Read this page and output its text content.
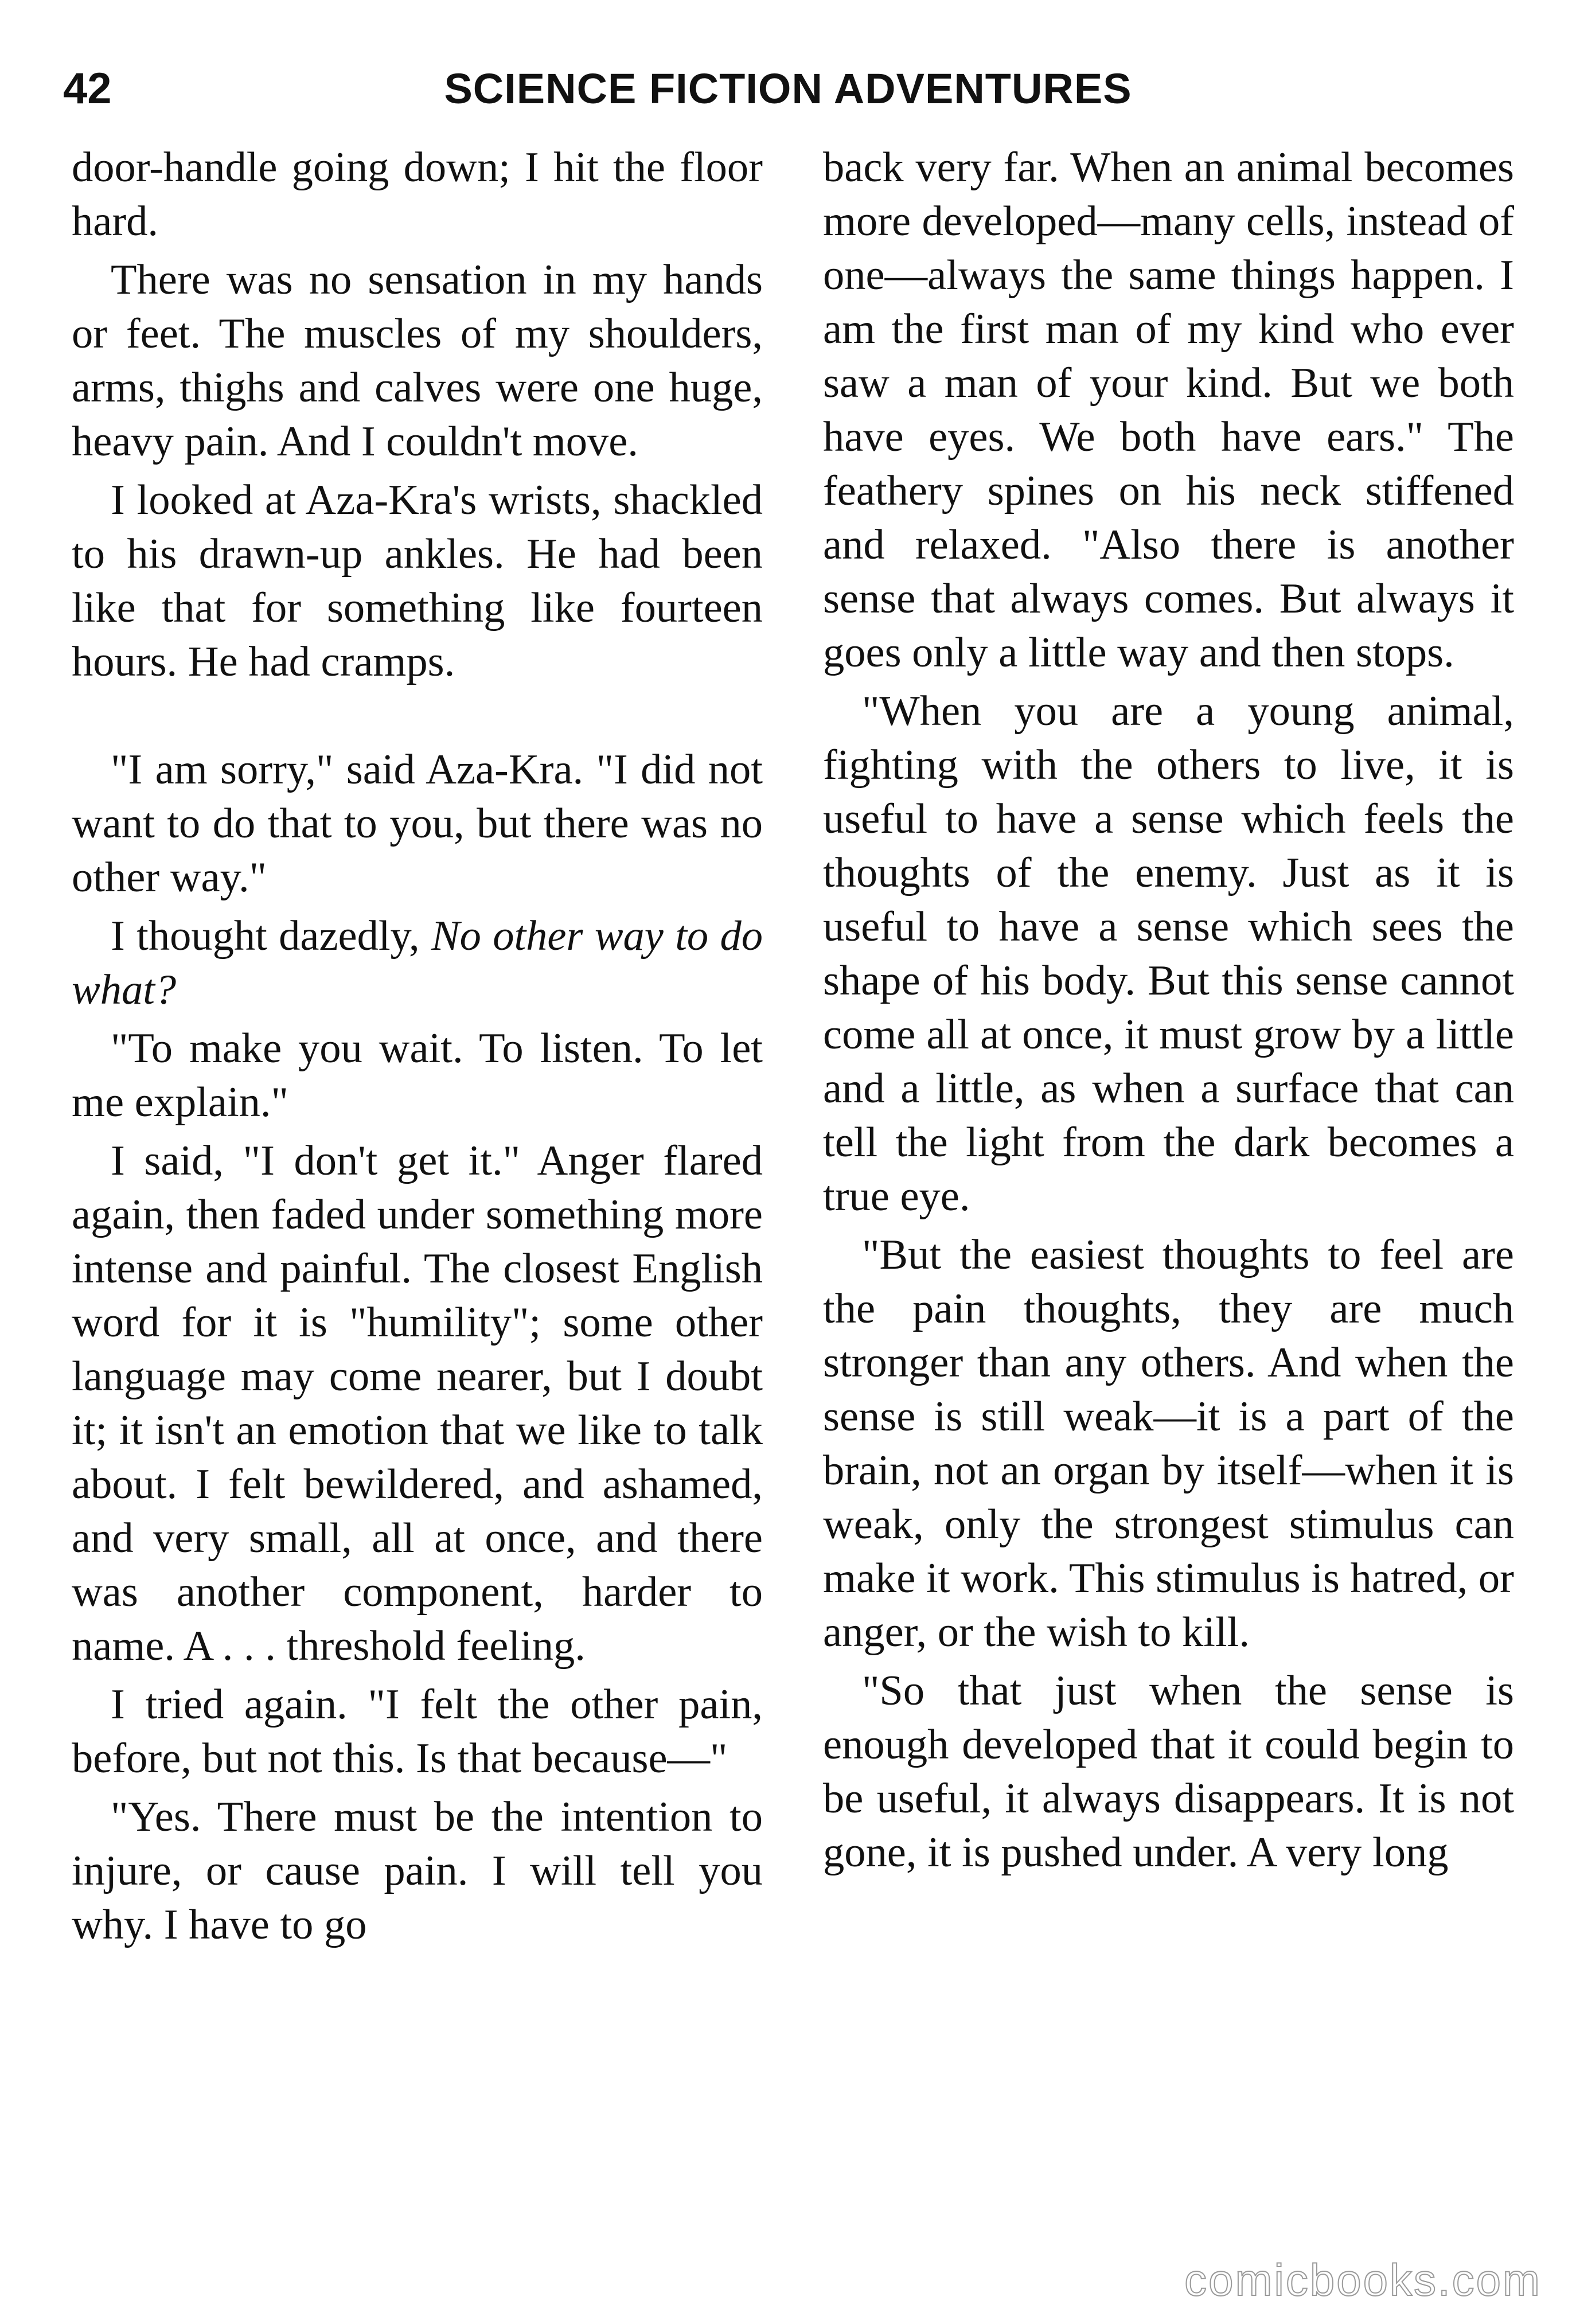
42	SCIENCE FICTION ADVENTURES

door-handle going down; I hit the floor hard.

There was no sensation in my hands or feet. The muscles of my shoulders, arms, thighs and calves were one huge, heavy pain. And I couldn't move.

I looked at Aza-Kra's wrists, shackled to his drawn-up ankles. He had been like that for something like fourteen hours. He had cramps.

"I am sorry," said Aza-Kra. "I did not want to do that to you, but there was no other way."

I thought dazedly, No other way to do what?

"To make you wait. To listen. To let me explain."

I said, "I don't get it." Anger flared again, then faded under something more intense and painful. The closest English word for it is "humility"; some other language may come nearer, but I doubt it; it isn't an emotion that we like to talk about. I felt bewildered, and ashamed, and very small, all at once, and there was another component, harder to name. A . . . threshold feeling.

I tried again. "I felt the other pain, before, but not this. Is that because—"

"Yes. There must be the intention to injure, or cause pain. I will tell you why. I have to go

back very far. When an animal becomes more developed—many cells, instead of one—always the same things happen. I am the first man of my kind who ever saw a man of your kind. But we both have eyes. We both have ears." The feathery spines on his neck stiffened and relaxed. "Also there is another sense that always comes. But always it goes only a little way and then stops.

"When you are a young animal, fighting with the others to live, it is useful to have a sense which feels the thoughts of the enemy. Just as it is useful to have a sense which sees the shape of his body. But this sense cannot come all at once, it must grow by a little and a little, as when a surface that can tell the light from the dark becomes a true eye.

"But the easiest thoughts to feel are the pain thoughts, they are much stronger than any others. And when the sense is still weak—it is a part of the brain, not an organ by itself—when it is weak, only the strongest stimulus can make it work. This stimulus is hatred, or anger, or the wish to kill.

"So that just when the sense is enough developed that it could begin to be useful, it always disappears. It is not gone, it is pushed under. A very long

comicbooks.com
